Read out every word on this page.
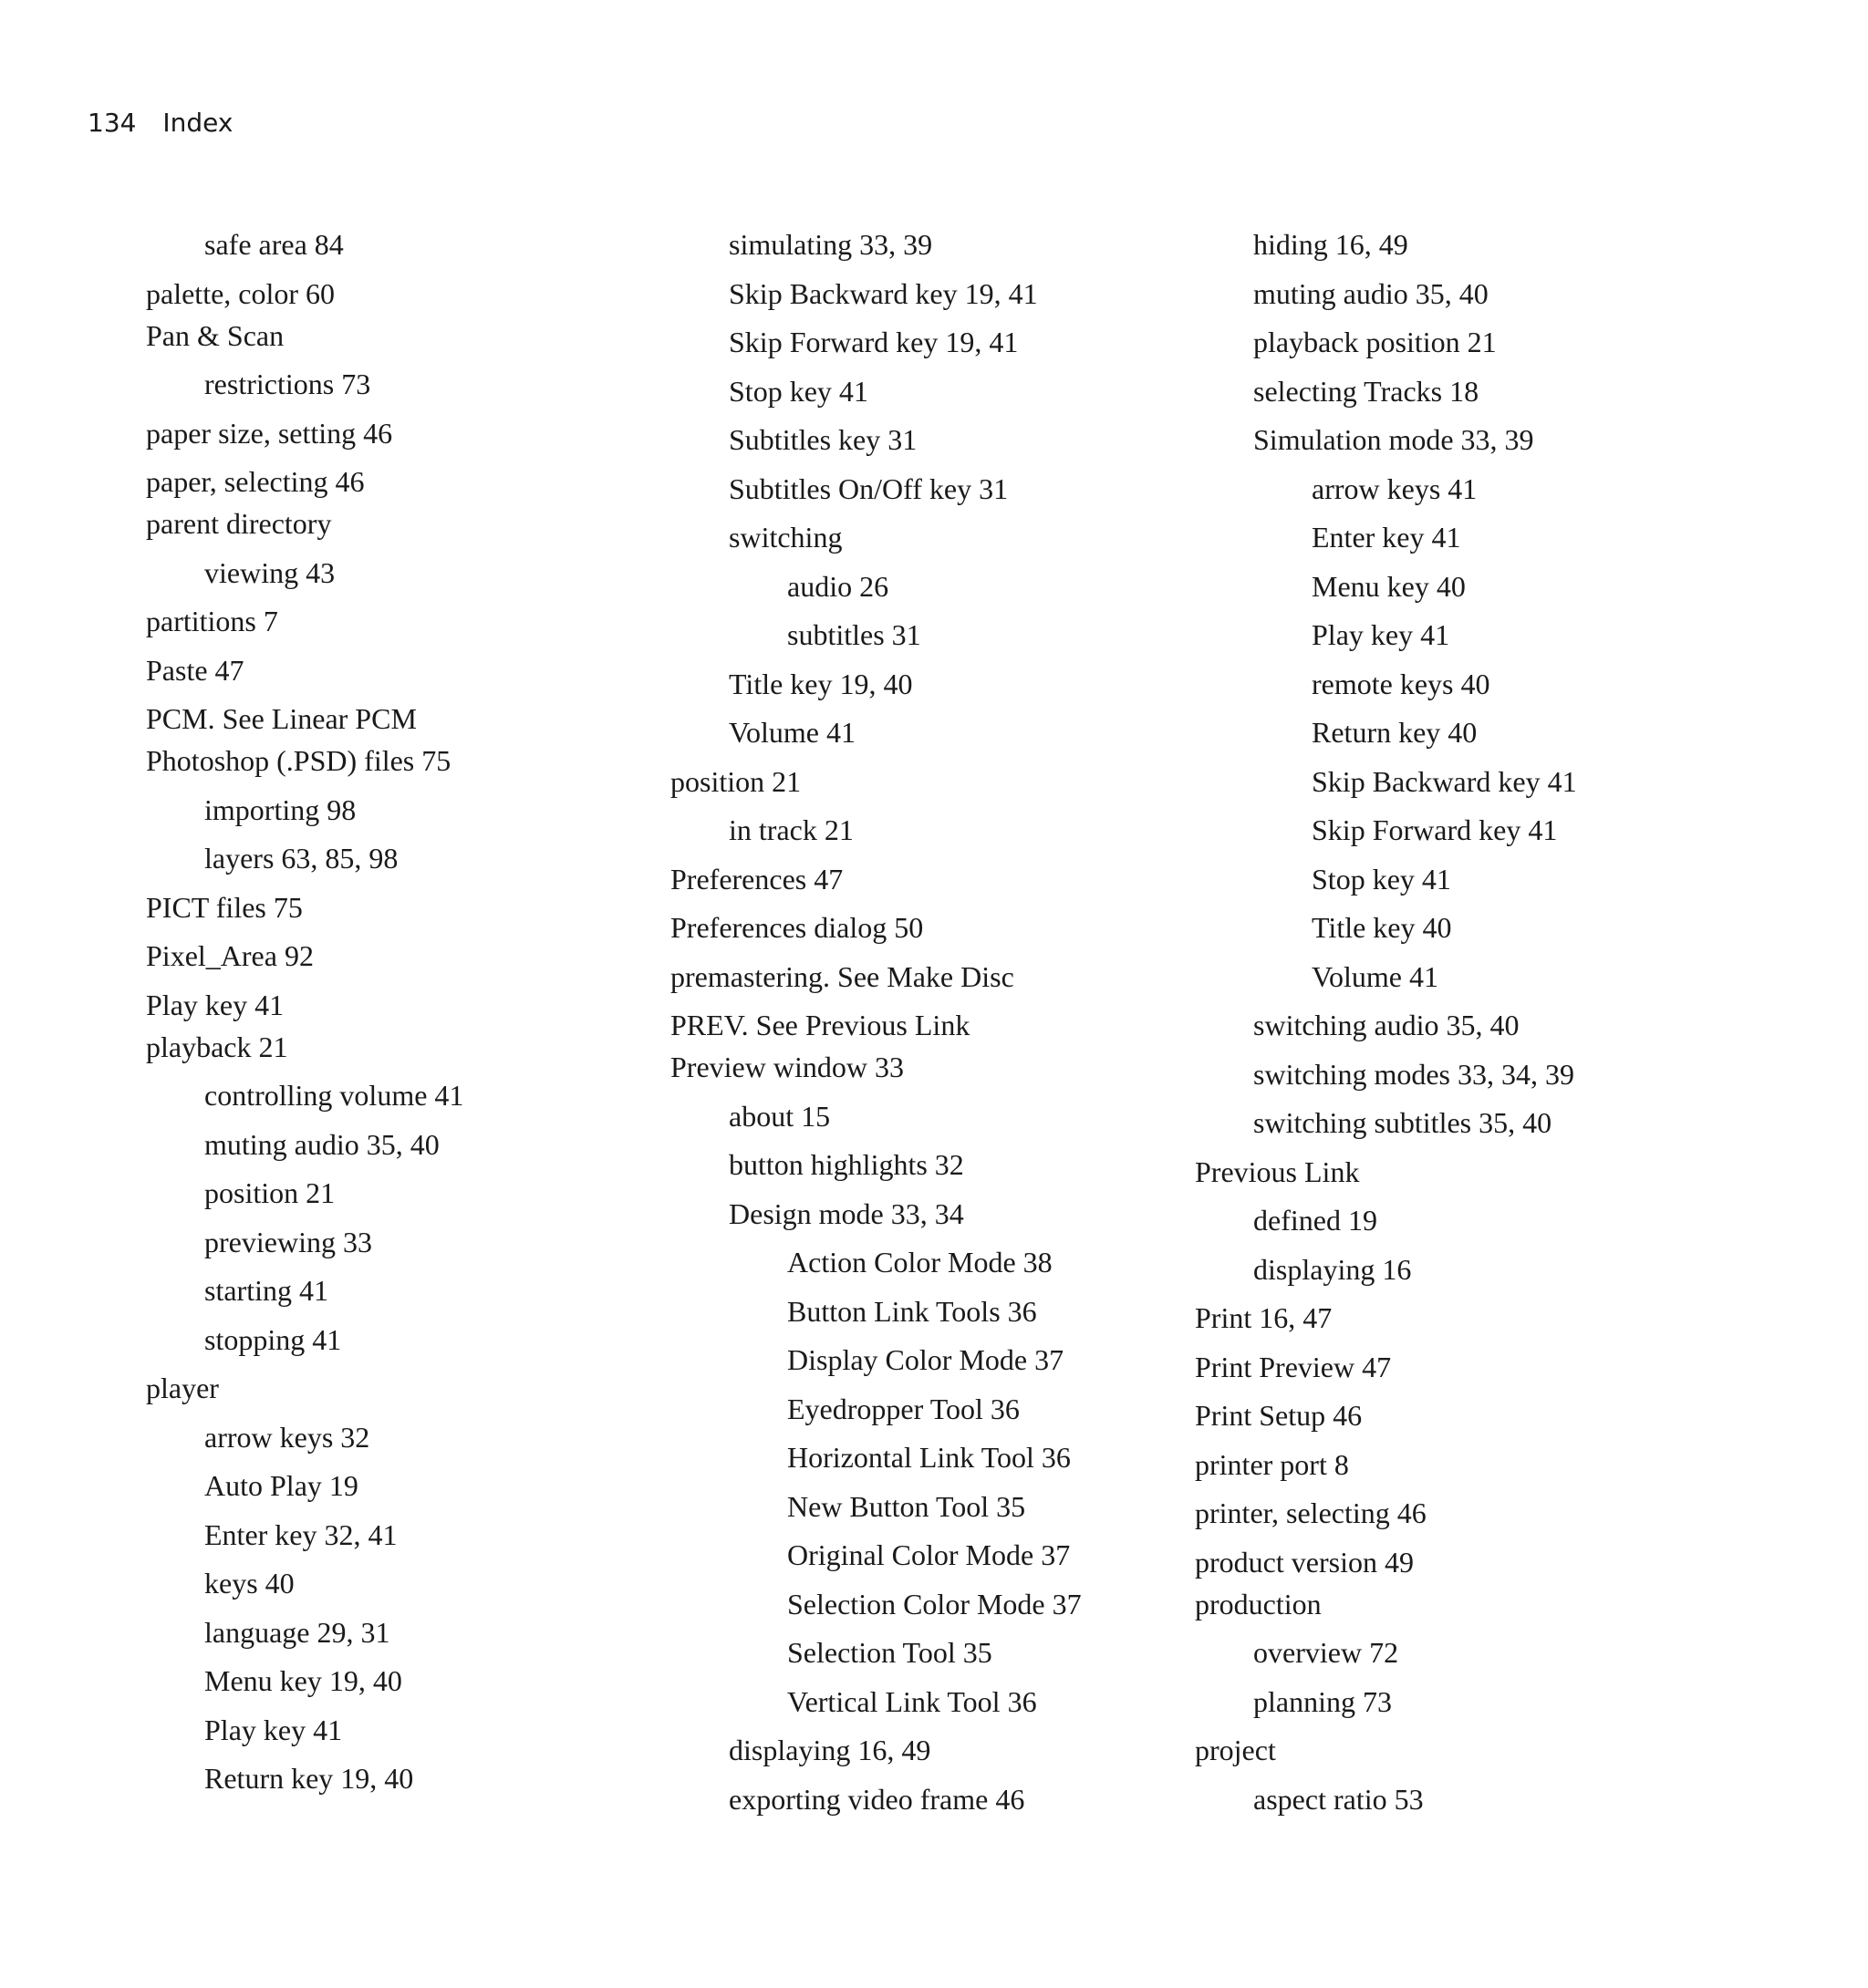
134 Index
safe area 84
palette, color 60
Pan & Scan
restrictions 73
paper size, setting 46
paper, selecting 46
parent directory
viewing 43
partitions 7
Paste 47
PCM. See Linear PCM
Photoshop (.PSD) files 75
importing 98
layers 63, 85, 98
PICT files 75
Pixel_Area 92
Play key 41
playback 21
controlling volume 41
muting audio 35, 40
position 21
previewing 33
starting 41
stopping 41
player
arrow keys 32
Auto Play 19
Enter key 32, 41
keys 40
language 29, 31
Menu key 19, 40
Play key 41
Return key 19, 40
simulating 33, 39
Skip Backward key 19, 41
Skip Forward key 19, 41
Stop key 41
Subtitles key 31
Subtitles On/Off key 31
switching
audio 26
subtitles 31
Title key 19, 40
Volume 41
position 21
in track 21
Preferences 47
Preferences dialog 50
premastering. See Make Disc
PREV. See Previous Link
Preview window 33
about 15
button highlights 32
Design mode 33, 34
Action Color Mode 38
Button Link Tools 36
Display Color Mode 37
Eyedropper Tool 36
Horizontal Link Tool 36
New Button Tool 35
Original Color Mode 37
Selection Color Mode 37
Selection Tool 35
Vertical Link Tool 36
displaying 16, 49
exporting video frame 46
hiding 16, 49
muting audio 35, 40
playback position 21
selecting Tracks 18
Simulation mode 33, 39
arrow keys 41
Enter key 41
Menu key 40
Play key 41
remote keys 40
Return key 40
Skip Backward key 41
Skip Forward key 41
Stop key 41
Title key 40
Volume 41
switching audio 35, 40
switching modes 33, 34, 39
switching subtitles 35, 40
Previous Link
defined 19
displaying 16
Print 16, 47
Print Preview 47
Print Setup 46
printer port 8
printer, selecting 46
product version 49
production
overview 72
planning 73
project
aspect ratio 53
